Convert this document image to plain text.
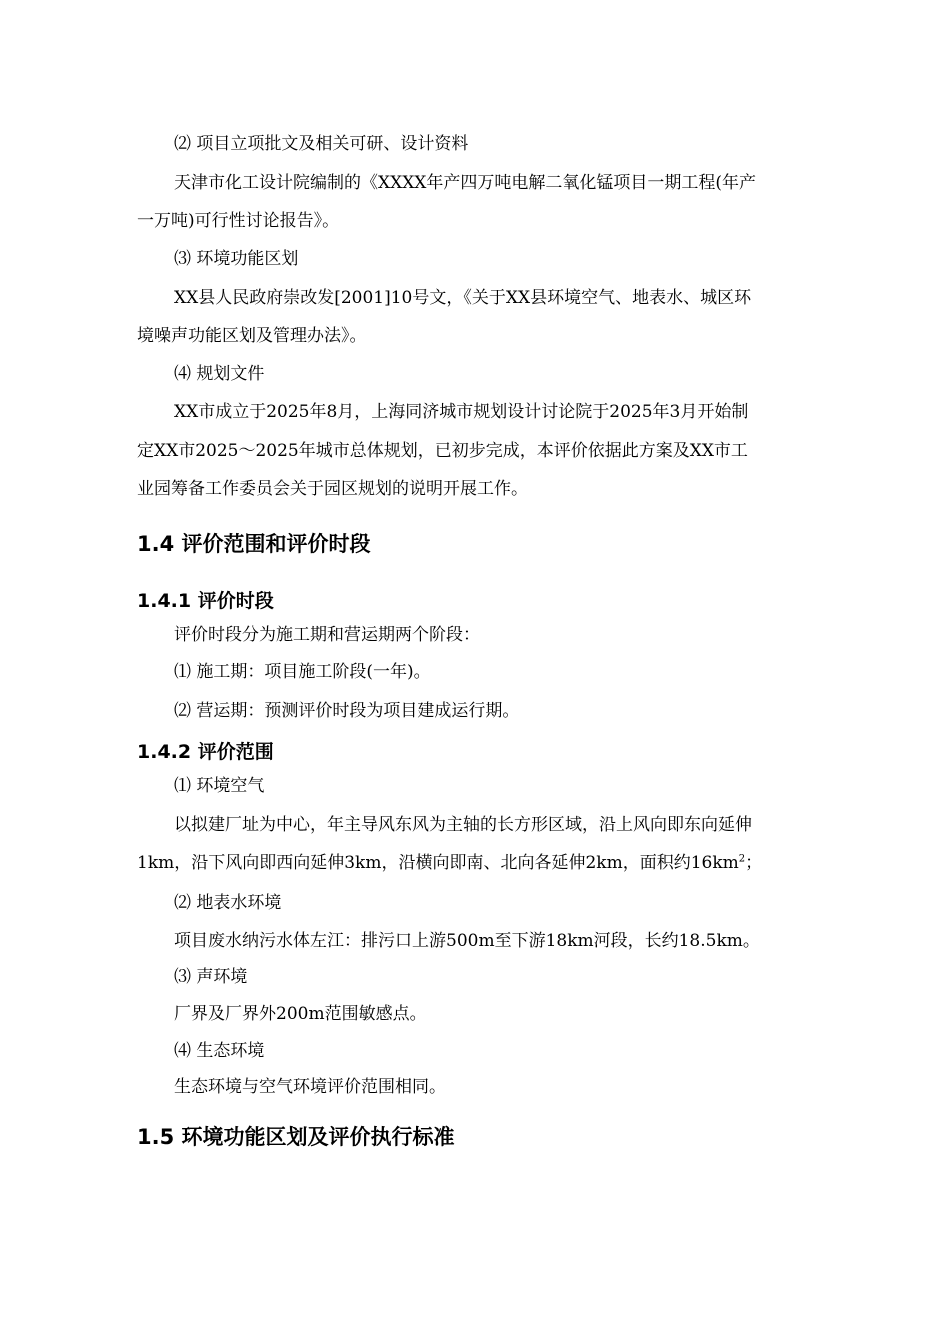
⑵ 项目立项批文及相关可研、设计资料
天津市化工设计院编制的《XXXX年产四万吨电解二氧化锰项目一期工程(年产
一万吨)可行性讨论报告》。
⑶ 环境功能区划
XX县人民政府崇改发[2001]10号文，《关于XX县环境空气、地表水、城区环
境噪声功能区划及管理办法》。
⑷ 规划文件
XX市成立于2025年8月，上海同济城市规划设计讨论院于2025年3月开始制
定XX市2025～2025年城市总体规划，已初步完成，本评价依据此方案及XX市工
业园筹备工作委员会关于园区规划的说明开展工作。
1.4 评价范围和评价时段
1.4.1 评价时段
评价时段分为施工期和营运期两个阶段：
⑴ 施工期：项目施工阶段(一年)。
⑵ 营运期：预测评价时段为项目建成运行期。
1.4.2 评价范围
⑴ 环境空气
以拟建厂址为中心，年主导风东风为主轴的长方形区域，沿上风向即东向延伸
1km，沿下风向即西向延伸3km，沿横向即南、北向各延伸2km，面积约$16km^2$；
⑵ 地表水环境
项目废水纳污水体左江：排污口上游500m至下游18km河段，长约18.5km。
⑶ 声环境
厂界及厂界外200m范围敏感点。
⑷ 生态环境
生态环境与空气环境评价范围相同。
1.5 环境功能区划及评价执行标准
